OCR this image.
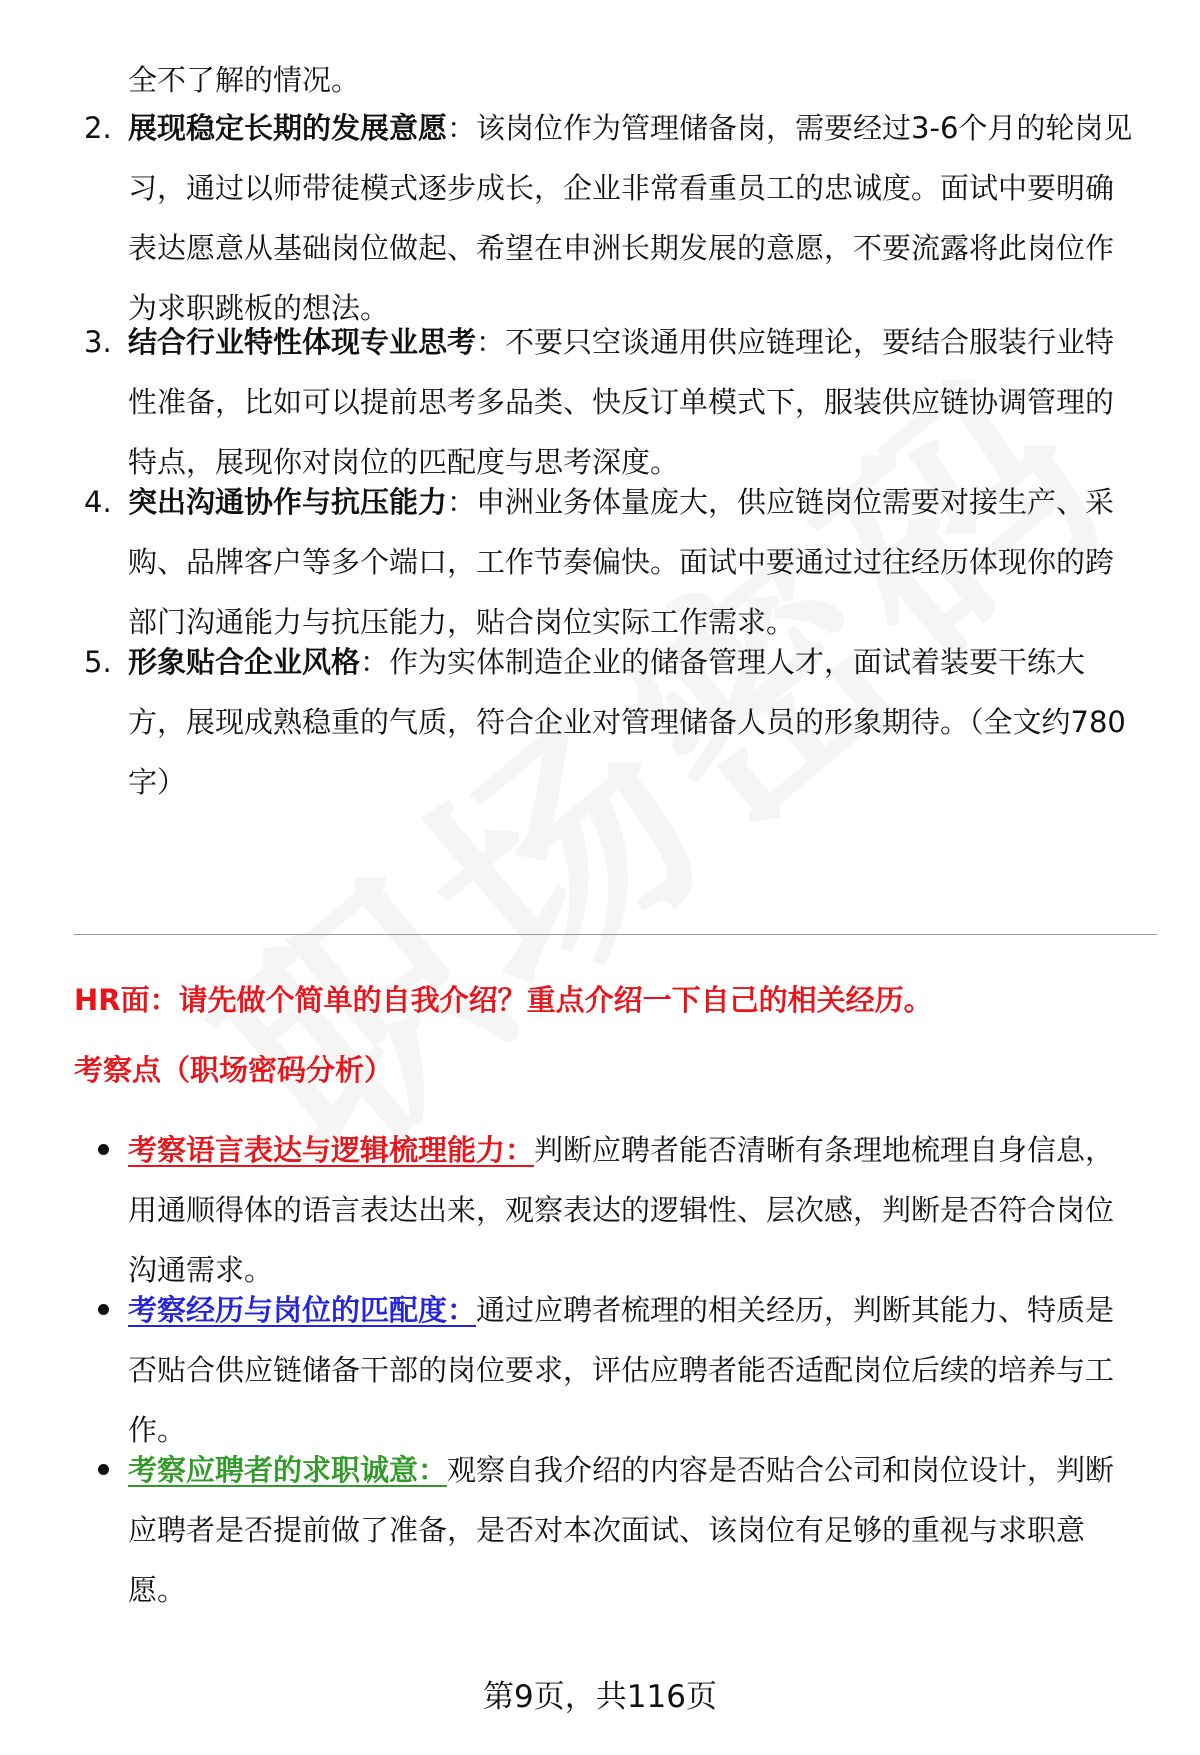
全不了解的情况。
2. 展现稳定长期的发展意愿：该岗位作为管理储备岗，需要经过3-6个月的轮岗见习，通过以师带徒模式逐步成长，企业非常看重员工的忠诚度。面试中要明确表达愿意从基础岗位做起、希望在申洲长期发展的意愿，不要流露将此岗位作为求职跳板的想法。
3. 结合行业特性体现专业思考：不要只空谈通用供应链理论，要结合服装行业特性准备，比如可以提前思考多品类、快反订单模式下，服装供应链协调管理的特点，展现你对岗位的匹配度与思考深度。
4. 突出沟通协作与抗压能力：申洲业务体量庞大，供应链岗位需要对接生产、采购、品牌客户等多个端口，工作节奏偏快。面试中要通过过往经历体现你的跨部门沟通能力与抗压能力，贴合岗位实际工作需求。
5. 形象贴合企业风格：作为实体制造企业的储备管理人才，面试着装要干练大方，展现成熟稳重的气质，符合企业对管理储备人员的形象期待。（全文约780字）
HR面：请先做个简单的自我介绍？重点介绍一下自己的相关经历。
考察点（职场密码分析）
考察语言表达与逻辑梳理能力：判断应聘者能否清晰有条理地梳理自身信息，用通顺得体的语言表达出来，观察表达的逻辑性、层次感，判断是否符合岗位沟通需求。
考察经历与岗位的匹配度：通过应聘者梳理的相关经历，判断其能力、特质是否贴合供应链储备干部的岗位要求，评估应聘者能否适配岗位后续的培养与工作。
考察应聘者的求职诚意：观察自我介绍的内容是否贴合公司和岗位设计，判断应聘者是否提前做了准备，是否对本次面试、该岗位有足够的重视与求职意愿。
第9页，共116页
